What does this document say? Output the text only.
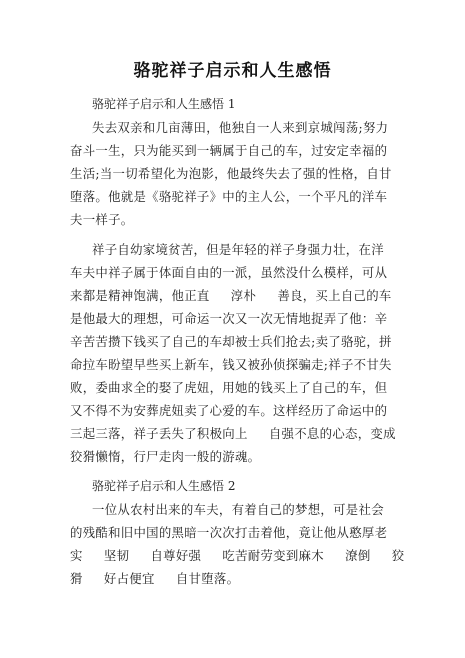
骆驼祥子启示和人生感悟
骆驼祥子启示和人生感悟 1
失去双亲和几亩薄田，他独自一人来到京城闯荡;努力
奋斗一生，只为能买到一辆属于自己的车，过安定幸福的
生活;当一切希望化为泡影，他最终失去了强的性格，自甘
堕落。他就是《骆驼祥子》中的主人公，一个平凡的洋车
夫一样子。
祥子自幼家境贫苦，但是年轻的祥子身强力壮，在洋
车夫中祥子属于体面自由的一派，虽然没什么模样，可从
来都是精神饱满，他正直     淳朴     善良，买上自己的车
是他最大的理想，可命运一次又一次无情地捉弄了他：辛
辛苦苦攒下钱买了自己的车却被士兵们抢去;卖了骆驼，拼
命拉车盼望早些买上新车，钱又被孙侦探骗走;祥子不甘失
败，委曲求全的娶了虎妞，用她的钱买上了自己的车，但
又不得不为安葬虎妞卖了心爱的车。这样经历了命运中的
三起三落，祥子丢失了积极向上     自强不息的心态，变成
狡猾懒惰，行尸走肉一般的游魂。
骆驼祥子启示和人生感悟 2
一位从农村出来的车夫，有着自己的梦想，可是社会
的残酷和旧中国的黑暗一次次打击着他，竟让他从憨厚老
实     坚韧     自尊好强     吃苦耐劳变到麻木     潦倒     狡
猾     好占便宜     自甘堕落。
